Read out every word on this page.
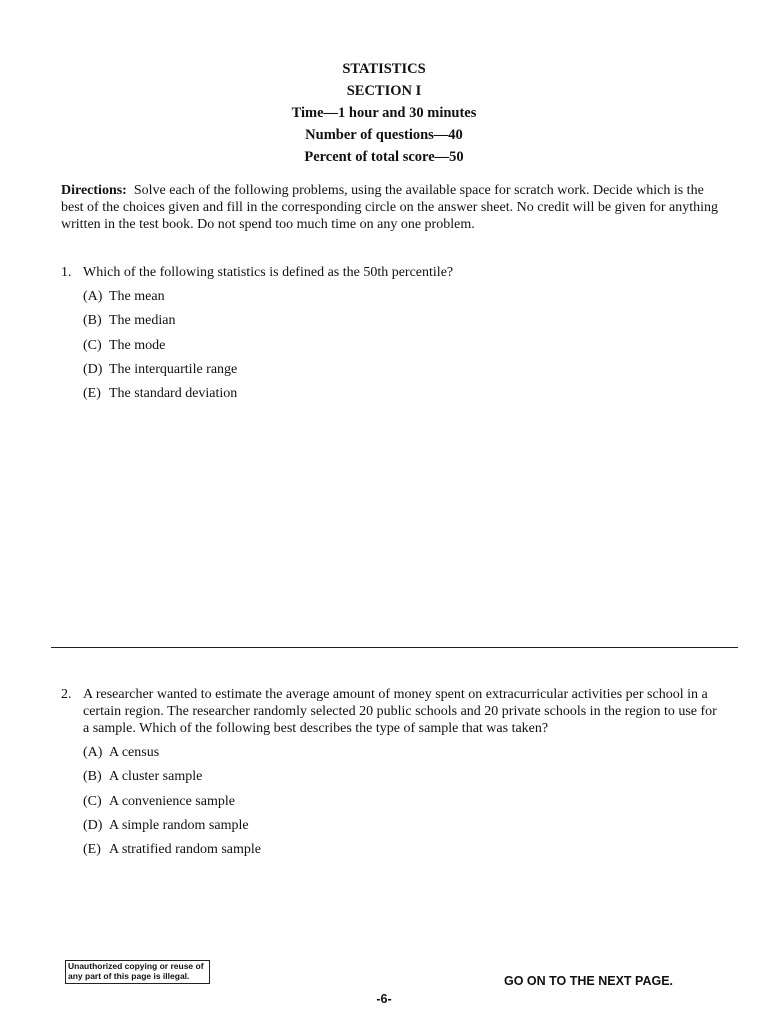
STATISTICS
SECTION I
Time—1 hour and 30 minutes
Number of questions—40
Percent of total score—50
Directions: Solve each of the following problems, using the available space for scratch work. Decide which is the best of the choices given and fill in the corresponding circle on the answer sheet. No credit will be given for anything written in the test book. Do not spend too much time on any one problem.
1. Which of the following statistics is defined as the 50th percentile?
(A) The mean
(B) The median
(C) The mode
(D) The interquartile range
(E) The standard deviation
2. A researcher wanted to estimate the average amount of money spent on extracurricular activities per school in a certain region. The researcher randomly selected 20 public schools and 20 private schools in the region to use for a sample. Which of the following best describes the type of sample that was taken?
(A) A census
(B) A cluster sample
(C) A convenience sample
(D) A simple random sample
(E) A stratified random sample
Unauthorized copying or reuse of
any part of this page is illegal.	GO ON TO THE NEXT PAGE.
-6-
